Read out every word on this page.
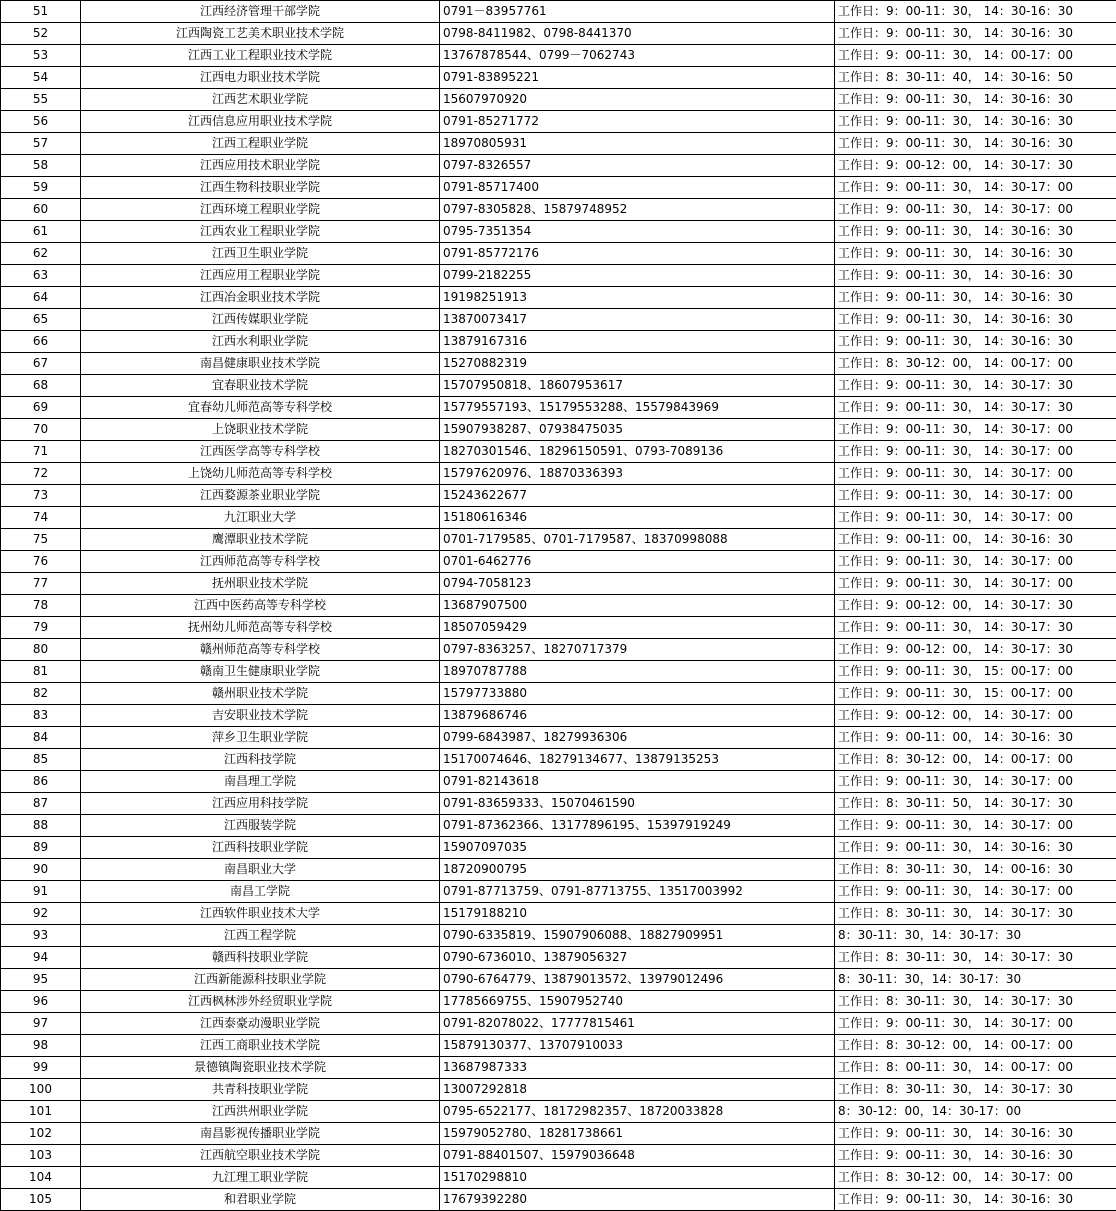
51	江西经济管理干部学院	0791－83957761	工作日：9：00-11：30， 14：30-16：30
52	江西陶瓷工艺美术职业技术学院	0798-8411982、0798-8441370	工作日：9：00-11：30， 14：30-16：30
53	江西工业工程职业技术学院	13767878544、0799－7062743	工作日：9：00-11：30， 14：00-17：00
54	江西电力职业技术学院	0791-83895221	工作日：8：30-11：40， 14：30-16：50
55	江西艺术职业学院	15607970920	工作日：9：00-11：30， 14：30-16：30
56	江西信息应用职业技术学院	0791-85271772	工作日：9：00-11：30， 14：30-16：30
57	江西工程职业学院	18970805931	工作日：9：00-11：30， 14：30-16：30
58	江西应用技术职业学院	0797-8326557	工作日：9：00-12：00， 14：30-17：30
59	江西生物科技职业学院	0791-85717400	工作日：9：00-11：30， 14：30-17：00
60	江西环境工程职业学院	0797-8305828、15879748952	工作日：9：00-11：30， 14：30-17：00
61	江西农业工程职业学院	0795-7351354	工作日：9：00-11：30， 14：30-16：30
62	江西卫生职业学院	0791-85772176	工作日：9：00-11：30， 14：30-16：30
63	江西应用工程职业学院	0799-2182255	工作日：9：00-11：30， 14：30-16：30
64	江西冶金职业技术学院	19198251913	工作日：9：00-11：30， 14：30-16：30
65	江西传媒职业学院	13870073417	工作日：9：00-11：30， 14：30-16：30
66	江西水利职业学院	13879167316	工作日：9：00-11：30， 14：30-16：30
67	南昌健康职业技术学院	15270882319	工作日：8：30-12：00， 14：00-17：00
68	宜春职业技术学院	15707950818、18607953617	工作日：9：00-11：30， 14：30-17：30
69	宜春幼儿师范高等专科学校	15779557193、15179553288、15579843969	工作日：9：00-11：30， 14：30-17：30
70	上饶职业技术学院	15907938287、07938475035	工作日：9：00-11：30， 14：30-17：00
71	江西医学高等专科学校	18270301546、18296150591、0793-7089136	工作日：9：00-11：30， 14：30-17：00
72	上饶幼儿师范高等专科学校	15797620976、18870336393	工作日：9：00-11：30， 14：30-17：00
73	江西婺源茶业职业学院	15243622677	工作日：9：00-11：30， 14：30-17：00
74	九江职业大学	15180616346	工作日：9：00-11：30， 14：30-17：00
75	鹰潭职业技术学院	0701-7179585、0701-7179587、18370998088	工作日：9：00-11：00， 14：30-16：30
76	江西师范高等专科学校	0701-6462776	工作日：9：00-11：30， 14：30-17：00
77	抚州职业技术学院	0794-7058123	工作日：9：00-11：30， 14：30-17：00
78	江西中医药高等专科学校	13687907500	工作日：9：00-12：00， 14：30-17：30
79	抚州幼儿师范高等专科学校	18507059429	工作日：9：00-11：30， 14：30-17：30
80	赣州师范高等专科学校	0797-8363257、18270717379	工作日：9：00-12：00， 14：30-17：30
81	赣南卫生健康职业学院	18970787788	工作日：9：00-11：30， 15：00-17：00
82	赣州职业技术学院	15797733880	工作日：9：00-11：30， 15：00-17：00
83	吉安职业技术学院	13879686746	工作日：9：00-12：00， 14：30-17：00
84	萍乡卫生职业学院	0799-6843987、18279936306	工作日：9：00-11：00， 14：30-16：30
85	江西科技学院	15170074646、18279134677、13879135253	工作日：8：30-12：00， 14：00-17：00
86	南昌理工学院	0791-82143618	工作日：9：00-11：30， 14：30-17：00
87	江西应用科技学院	0791-83659333、15070461590	工作日：8：30-11：50， 14：30-17：30
88	江西服装学院	0791-87362366、13177896195、15397919249	工作日：9：00-11：30， 14：30-17：00
89	江西科技职业学院	15907097035	工作日：9：00-11：30， 14：30-16：30
90	南昌职业大学	18720900795	工作日：8：30-11：30， 14：00-16：30
91	南昌工学院	0791-87713759、0791-87713755、13517003992	工作日：9：00-11：30， 14：30-17：00
92	江西软件职业技术大学	15179188210	工作日：8：30-11：30， 14：30-17：30
93	江西工程学院	0790-6335819、15907906088、18827909951	8：30-11：30，14：30-17：30
94	赣西科技职业学院	0790-6736010、13879056327	工作日：8：30-11：30， 14：30-17：30
95	江西新能源科技职业学院	0790-6764779、13879013572、13979012496	8：30-11：30，14：30-17：30
96	江西枫林涉外经贸职业学院	17785669755、15907952740	工作日：8：30-11：30， 14：30-17：30
97	江西泰豪动漫职业学院	0791-82078022、17777815461	工作日：9：00-11：30， 14：30-17：00
98	江西工商职业技术学院	15879130377、13707910033	工作日：8：30-12：00， 14：00-17：00
99	景德镇陶瓷职业技术学院	13687987333	工作日：8：00-11：30， 14：00-17：00
100	共青科技职业学院	13007292818	工作日：8：30-11：30， 14：30-17：30
101	江西洪州职业学院	0795-6522177、18172982357、18720033828	8：30-12：00，14：30-17：00
102	南昌影视传播职业学院	15979052780、18281738661	工作日：9：00-11：30， 14：30-16：30
103	江西航空职业技术学院	0791-88401507、15979036648	工作日：9：00-11：30， 14：30-16：30
104	九江理工职业学院	15170298810	工作日：8：30-12：00， 14：30-17：00
105	和君职业学院	17679392280	工作日：9：00-11：30， 14：30-16：30
